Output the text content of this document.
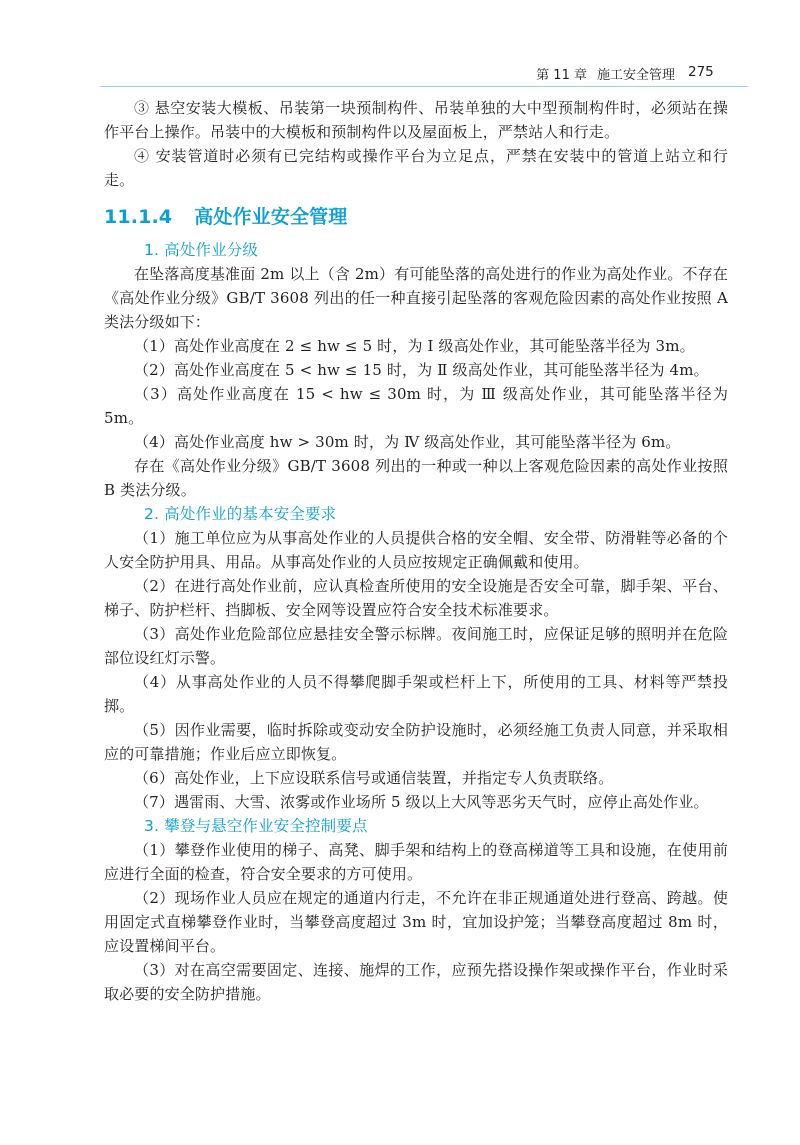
第 11 章 施工安全管理 275

③ 悬空安装大模板、吊装第一块预制构件、吊装单独的大中型预制构件时，必须站在操作平台上操作。吊装中的大模板和预制构件以及屋面板上，严禁站人和行走。

④ 安装管道时必须有已完结构或操作平台为立足点，严禁在安装中的管道上站立和行走。

11.1.4 高处作业安全管理
1. 高处作业分级

在坠落高度基准面 2m 以上（含 2m）有可能坠落的高处进行的作业为高处作业。不存在《高处作业分级》GB/T 3608 列出的任一种直接引起坠落的客观危险因素的高处作业按照 A 类法分级如下：

（1）高处作业高度在 2 ≤ hw ≤ 5 时，为 Ⅰ 级高处作业，其可能坠落半径为 3m。

（2）高处作业高度在 5 < hw ≤ 15 时，为 Ⅱ 级高处作业，其可能坠落半径为 4m。

（3）高处作业高度在 15 < hw ≤ 30m 时，为 Ⅲ 级高处作业，其可能坠落半径为 5m。

（4）高处作业高度 hw > 30m 时，为 Ⅳ 级高处作业，其可能坠落半径为 6m。

存在《高处作业分级》GB/T 3608 列出的一种或一种以上客观危险因素的高处作业按照 B 类法分级。

2. 高处作业的基本安全要求

（1）施工单位应为从事高处作业的人员提供合格的安全帽、安全带、防滑鞋等必备的个人安全防护用具、用品。从事高处作业的人员应按规定正确佩戴和使用。

（2）在进行高处作业前，应认真检查所使用的安全设施是否安全可靠，脚手架、平台、梯子、防护栏杆、挡脚板、安全网等设置应符合安全技术标准要求。

（3）高处作业危险部位应悬挂安全警示标牌。夜间施工时，应保证足够的照明并在危险部位设红灯示警。

（4）从事高处作业的人员不得攀爬脚手架或栏杆上下，所使用的工具、材料等严禁投掷。

（5）因作业需要，临时拆除或变动安全防护设施时，必须经施工负责人同意，并采取相应的可靠措施；作业后应立即恢复。

（6）高处作业，上下应设联系信号或通信装置，并指定专人负责联络。

（7）遇雷雨、大雪、浓雾或作业场所 5 级以上大风等恶劣天气时，应停止高处作业。

3. 攀登与悬空作业安全控制要点

（1）攀登作业使用的梯子、高凳、脚手架和结构上的登高梯道等工具和设施，在使用前应进行全面的检查，符合安全要求的方可使用。

（2）现场作业人员应在规定的通道内行走，不允许在非正规通道处进行登高、跨越。使用固定式直梯攀登作业时，当攀登高度超过 3m 时，宜加设护笼；当攀登高度超过 8m 时，应设置梯间平台。

（3）对在高空需要固定、连接、施焊的工作，应预先搭设操作架或操作平台，作业时采取必要的安全防护措施。
